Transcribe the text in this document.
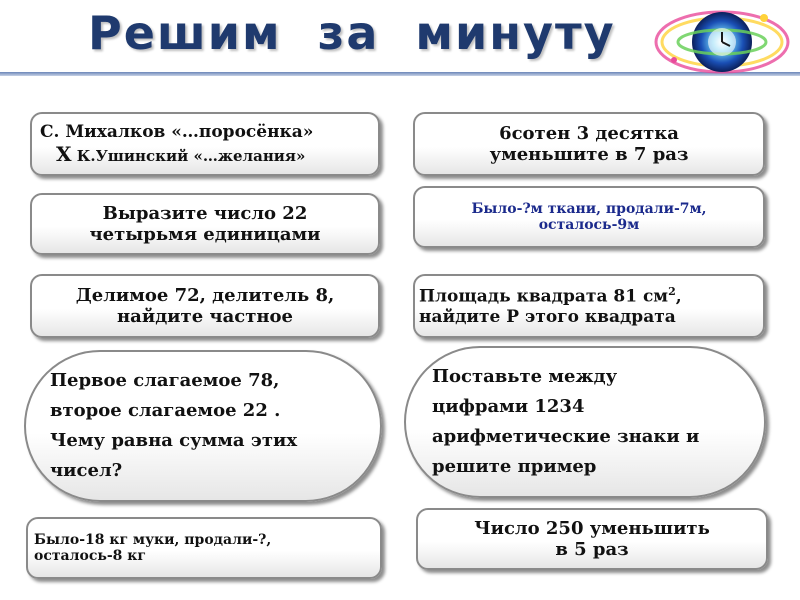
Решим  за  минуту
С. Михалков «…поросёнка»
Х К.Ушинский «…желания»
6сотен 3 десятка
уменьшите в 7 раз
Выразите число 22
четырьмя единицами
Было-?м ткани, продали-7м,
осталось-9м
Делимое 72, делитель 8,
найдите частное
Площадь квадрата 81 $см^2$,
найдите Р этого квадрата
Первое слагаемое 78,
второе слагаемое 22 .
Чему равна сумма этих
чисел?
Поставьте между
цифрами 1234
арифметические знаки и
решите пример
Было-18 кг муки, продали-?,
осталось-8 кг
Число 250 уменьшить
в 5 раз
